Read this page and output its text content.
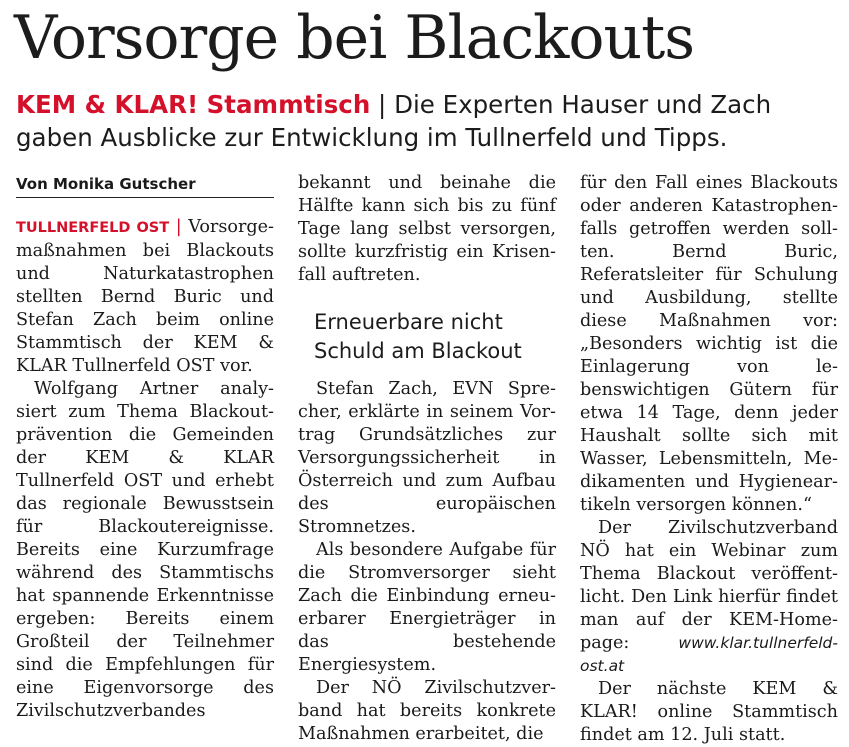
Vorsorge bei Blackouts
KEM & KLAR! Stammtisch | Die Experten Hauser und Zach gaben Ausblicke zur Entwicklung im Tullnerfeld und Tipps.
Von Monika Gutscher

TULLNERFELD OST | Vorsorgemaßnahmen bei Blackouts und Naturkatastrophen stellten Bernd Buric und Stefan Zach beim online Stammtisch der KEM & KLAR Tullnerfeld OST vor.

Wolfgang Artner analysiert zum Thema Blackoutprävention die Gemeinden der KEM & KLAR Tullnerfeld OST und erhebt das regionale Bewusstsein für Blackoutereignisse. Bereits eine Kurzumfrage während des Stammtischs hat spannende Erkenntnisse ergeben: Bereits einem Großteil der Teilnehmer sind die Empfehlungen für eine Eigenvorsorge des Zivilschutzverbandes

bekannt und beinahe die Hälfte kann sich bis zu fünf Tage lang selbst versorgen, sollte kurzfristig ein Krisenfall auftreten.

Erneuerbare nicht Schuld am Blackout

Stefan Zach, EVN Sprecher, erklärte in seinem Vortrag Grundsätzliches zur Versorgungssicherheit in Österreich und zum Aufbau des europäischen Stromnetzes.

Als besondere Aufgabe für die Stromversorger sieht Zach die Einbindung erneuerbarer Energieträger in das bestehende Energiesystem.

Der NÖ Zivilschutzverband hat bereits konkrete Maßnahmen erarbeitet, die

für den Fall eines Blackouts oder anderen Katastrophenfalls getroffen werden sollten. Bernd Buric, Referatsleiter für Schulung und Ausbildung, stellte diese Maßnahmen vor: „Besonders wichtig ist die Einlagerung von lebenswichtigen Gütern für etwa 14 Tage, denn jeder Haushalt sollte sich mit Wasser, Lebensmitteln, Medikamenten und Hygieneartikeln versorgen können.“

Der Zivilschutzverband NÖ hat ein Webinar zum Thema Blackout veröffentlicht. Den Link hierfür findet man auf der KEM-Homepage: www.klar.tullnerfeld-ost.at

Der nächste KEM & KLAR! online Stammtisch findet am 12. Juli statt.
